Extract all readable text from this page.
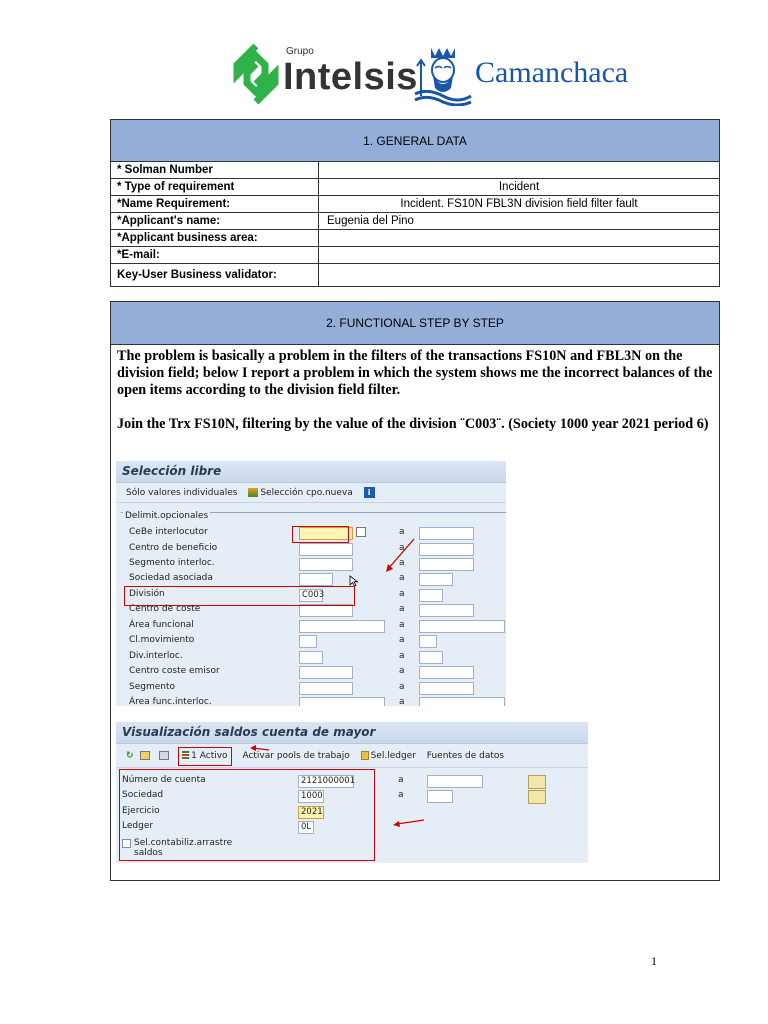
Grupo
Intelsis Camanchaca
1. GENERAL DATA
* Solman Number
* Type of requirement	Incident
*Name Requirement:	Incident. FS10N FBL3N division field filter fault
*Applicant's name:	Eugenia del Pino
*Applicant business area:
*E-mail:
Key-User Business validator:
2. FUNCTIONAL STEP BY STEP

The problem is basically a problem in the filters of the transactions FS10N and FBL3N on the division field; below I report a problem in which the system shows me the incorrect balances of the open items according to the division field filter.

Join the Trx FS10N, filtering by the value of the division ¨C003¨. (Society 1000 year 2021 period 6)

Selección libre
Sólo valores individuales	Selección cpo.nueva i
Delimit.opcionales
CeBe interlocutor	a
Centro de beneficio	a
Segmento interloc.	a
Sociedad asociada	a
División	C003	a
Centro de coste	a
Área funcional	a
Cl.movimiento	a
Div.interloc.	a
Centro coste emisor	a
Segmento	a
Área func.interloc.	a
Visualización saldos cuenta de mayor
↻	1 Activo Activar pools de trabajo Sel.ledger Fuentes de datos
Número de cuenta	2121000001	a
Sociedad	1000	a
Ejercicio	2021
Ledger	0L
Sel.contabiliz.arrastre saldos
1
